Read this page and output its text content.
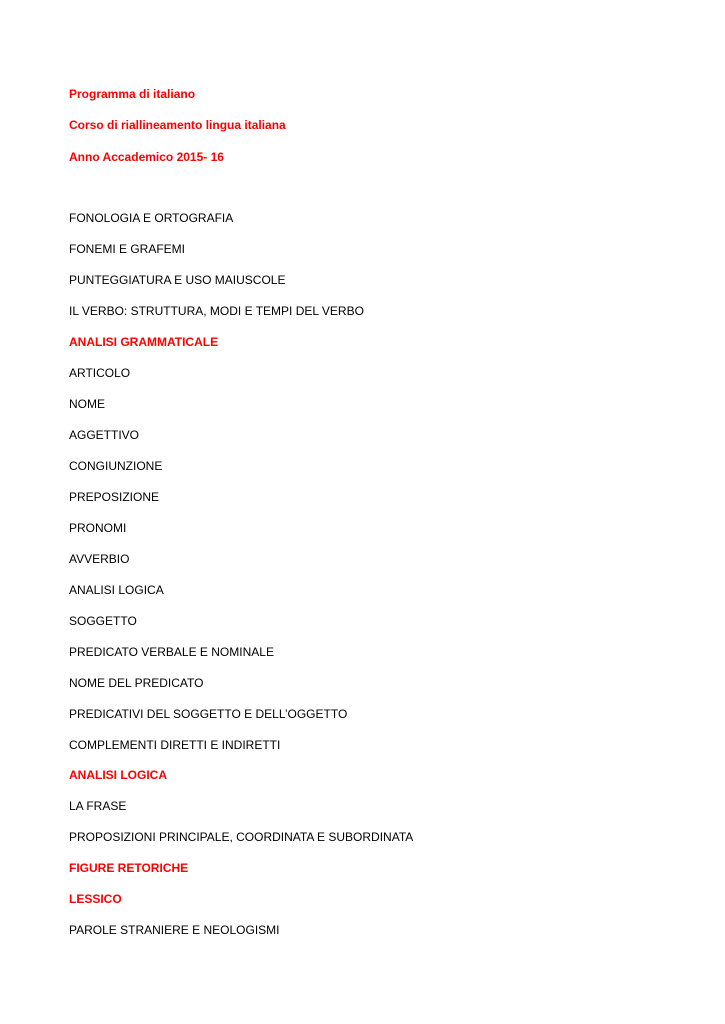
Programma di italiano
Corso di riallineamento lingua italiana
Anno Accademico 2015- 16
FONOLOGIA E ORTOGRAFIA
FONEMI E GRAFEMI
PUNTEGGIATURA E USO MAIUSCOLE
IL VERBO: STRUTTURA, MODI E TEMPI DEL VERBO
ANALISI GRAMMATICALE
ARTICOLO
NOME
AGGETTIVO
CONGIUNZIONE
PREPOSIZIONE
PRONOMI
AVVERBIO
ANALISI LOGICA
SOGGETTO
PREDICATO VERBALE E NOMINALE
NOME DEL PREDICATO
PREDICATIVI DEL SOGGETTO E DELL’OGGETTO
COMPLEMENTI DIRETTI E INDIRETTI
ANALISI LOGICA
LA FRASE
PROPOSIZIONI PRINCIPALE, COORDINATA E SUBORDINATA
FIGURE RETORICHE
LESSICO
PAROLE STRANIERE E NEOLOGISMI
